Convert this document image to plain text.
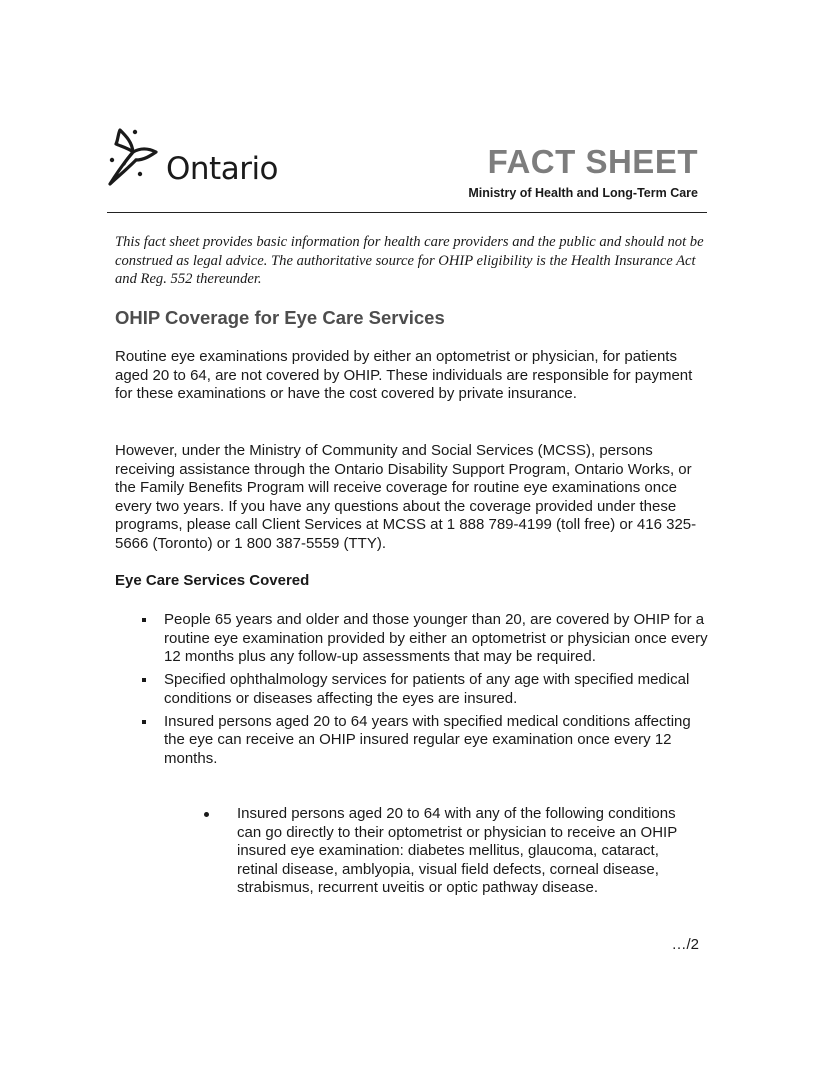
Ontario	FACT SHEET
Ministry of Health and Long-Term Care
This fact sheet provides basic information for health care providers and the public and should not be construed as legal advice. The authoritative source for OHIP eligibility is the Health Insurance Act and Reg. 552 thereunder.
OHIP Coverage for Eye Care Services
Routine eye examinations provided by either an optometrist or physician, for patients aged 20 to 64, are not covered by OHIP. These individuals are responsible for payment for these examinations or have the cost covered by private insurance.
However, under the Ministry of Community and Social Services (MCSS), persons receiving assistance through the Ontario Disability Support Program, Ontario Works, or the Family Benefits Program will receive coverage for routine eye examinations once every two years. If you have any questions about the coverage provided under these programs, please call Client Services at MCSS at 1 888 789-4199 (toll free) or 416 325-5666 (Toronto) or 1 800 387-5559 (TTY).
Eye Care Services Covered
People 65 years and older and those younger than 20, are covered by OHIP for a routine eye examination provided by either an optometrist or physician once every 12 months plus any follow-up assessments that may be required.
Specified ophthalmology services for patients of any age with specified medical conditions or diseases affecting the eyes are insured.
Insured persons aged 20 to 64 years with specified medical conditions affecting the eye can receive an OHIP insured regular eye examination once every 12 months.
Insured persons aged 20 to 64 with any of the following conditions can go directly to their optometrist or physician to receive an OHIP insured eye examination: diabetes mellitus, glaucoma, cataract, retinal disease, amblyopia, visual field defects, corneal disease, strabismus, recurrent uveitis or optic pathway disease.
…/2
